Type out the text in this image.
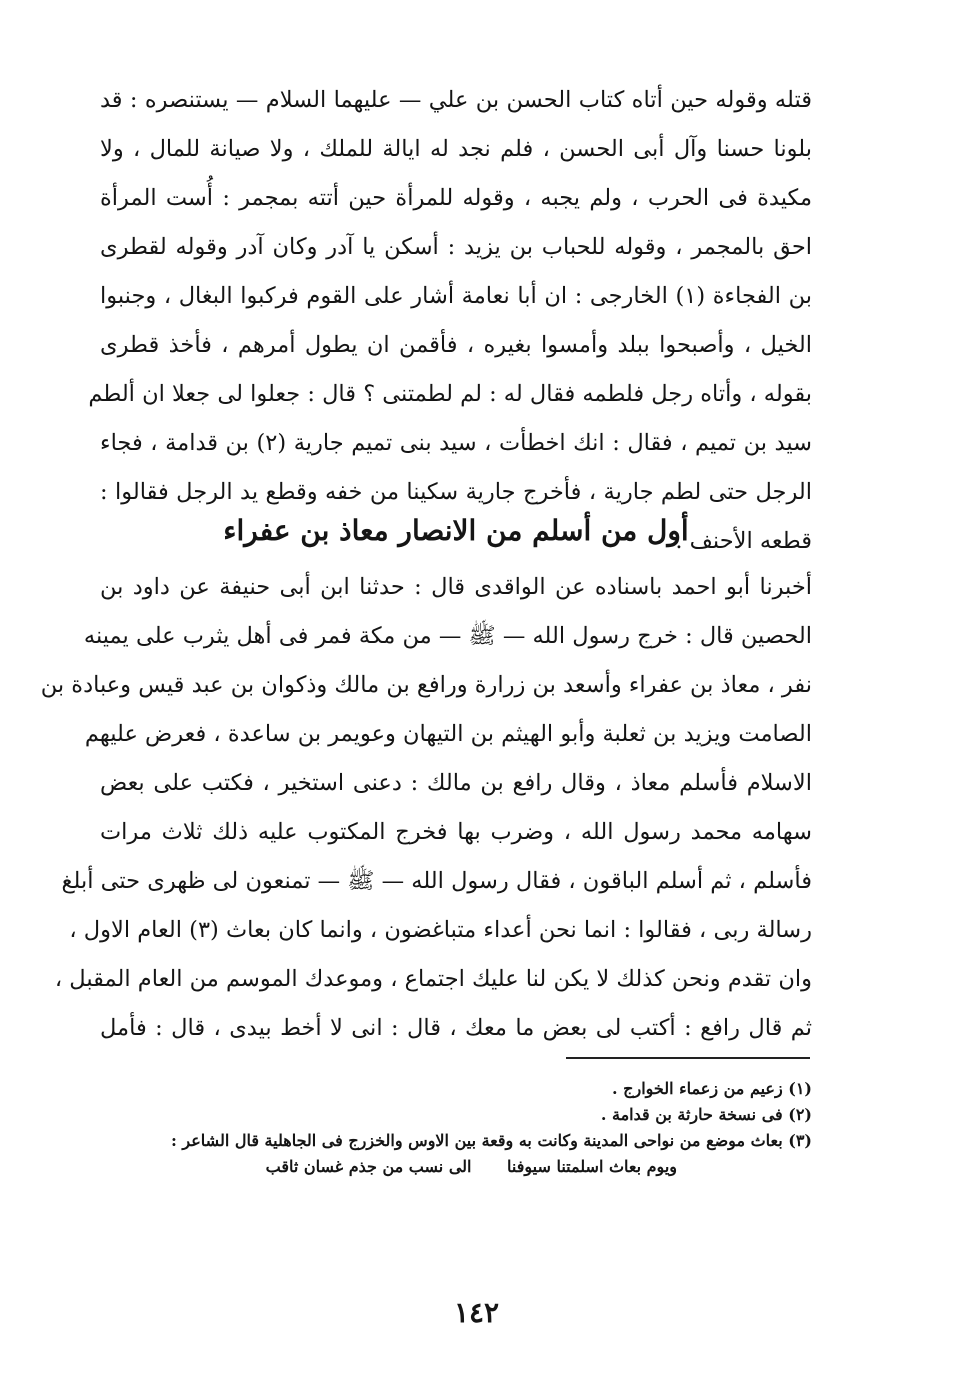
قتله وقوله حين أتاه كتاب الحسن بن علي — عليهما السلام — يستنصره : قد
بلونا حسنا وآل أبى الحسن ، فلم نجد له ايالة للملك ، ولا صيانة للمال ، ولا
مكيدة فى الحرب ، ولم يجبه ، وقوله للمرأة حين أتته بمجمر : أُست المرأة
احق بالمجمر ، وقوله للحباب بن يزيد : أسكن يا آدر وكان آدر وقوله لقطرى
بن الفجاءة (١) الخارجى : ان أبا نعامة أشار على القوم فركبوا البغال ، وجنبوا
الخيل ، وأصبحوا ببلد وأمسوا بغيره ، فأقمن ان يطول أمرهم ، فأخذ قطرى
بقوله ، وأتاه رجل فلطمه فقال له : لم لطمتنى ؟ قال : جعلوا لى جعلا ان ألطم
سيد بن تميم ، فقال : انك اخطأت ، سيد بنى تميم جارية (٢) بن قدامة ، فجاء
الرجل حتى لطم جارية ، فأخرج جارية سكينا من خفه وقطع يد الرجل فقالوا :
قطعه الأحنف .
أول من أسلم من الانصار معاذ بن عفراء
أخبرنا أبو احمد باسناده عن الواقدى قال : حدثنا ابن أبى حنيفة عن داود بن
الحصين قال : خرج رسول الله — ﷺ — من مكة فمر فى أهل يثرب على يمينه
نفر ، معاذ بن عفراء وأسعد بن زرارة ورافع بن مالك وذكوان بن عبد قيس وعبادة بن
الصامت ويزيد بن ثعلبة وأبو الهيثم بن التيهان وعويمر بن ساعدة ، فعرض عليهم
الاسلام فأسلم معاذ ، وقال رافع بن مالك : دعنى استخير ، فكتب على بعض
سهامه محمد رسول الله ، وضرب بها فخرج المكتوب عليه ذلك ثلاث مرات
فأسلم ، ثم أسلم الباقون ، فقال رسول الله — ﷺ — تمنعون لى ظهرى حتى أبلغ
رسالة ربى ، فقالوا : انما نحن أعداء متباغضون ، وانما كان بعاث (٣) العام الاول ،
وان تقدم ونحن كذلك لا يكن لنا عليك اجتماع ، وموعدك الموسم من العام المقبل ،
ثم قال رافع : أكتب لى بعض ما معك ، قال : انى لا أخط بيدى ، قال : فأمل
(١) زعيم من زعماء الخوارج .
(٢) فى نسخة حارثة بن قدامة .
(٣) بعاث موضع من نواحى المدينة وكانت به وقعة بين الاوس والخزرج فى الجاهلية قال الشاعر :
ويوم بعاث اسلمتنا سيوفنا الى نسب من جذم غسان ثاقب
١٤٢
